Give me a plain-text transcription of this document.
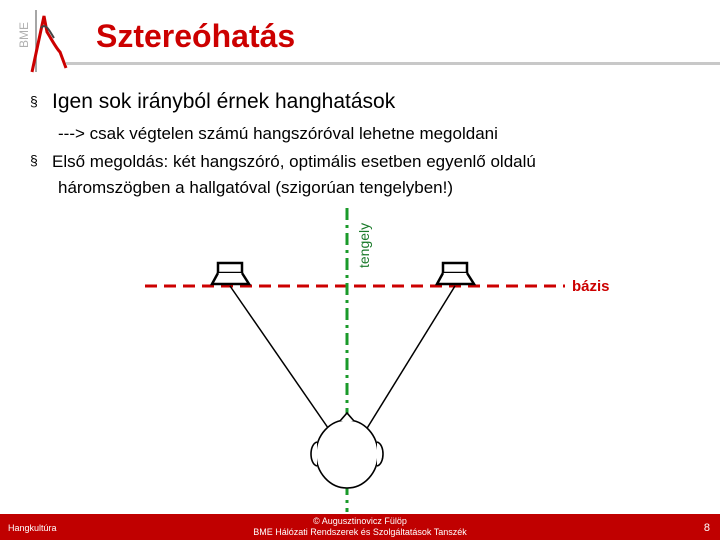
BME Sztereóhatás
§ Igen sok irányból érnek hanghatások
---> csak végtelen számú hangszóróval lehetne megoldani
§ Első megoldás: két hangszóró, optimális esetben egyenlő oldalú
háromszögben a hallgatóval (szigorúan tengelyben!)
tengely
bázis
Hangkultúra
© Augusztinovicz Fülöp
BME Hálózati Rendszerek és Szolgáltatások Tanszék	8
